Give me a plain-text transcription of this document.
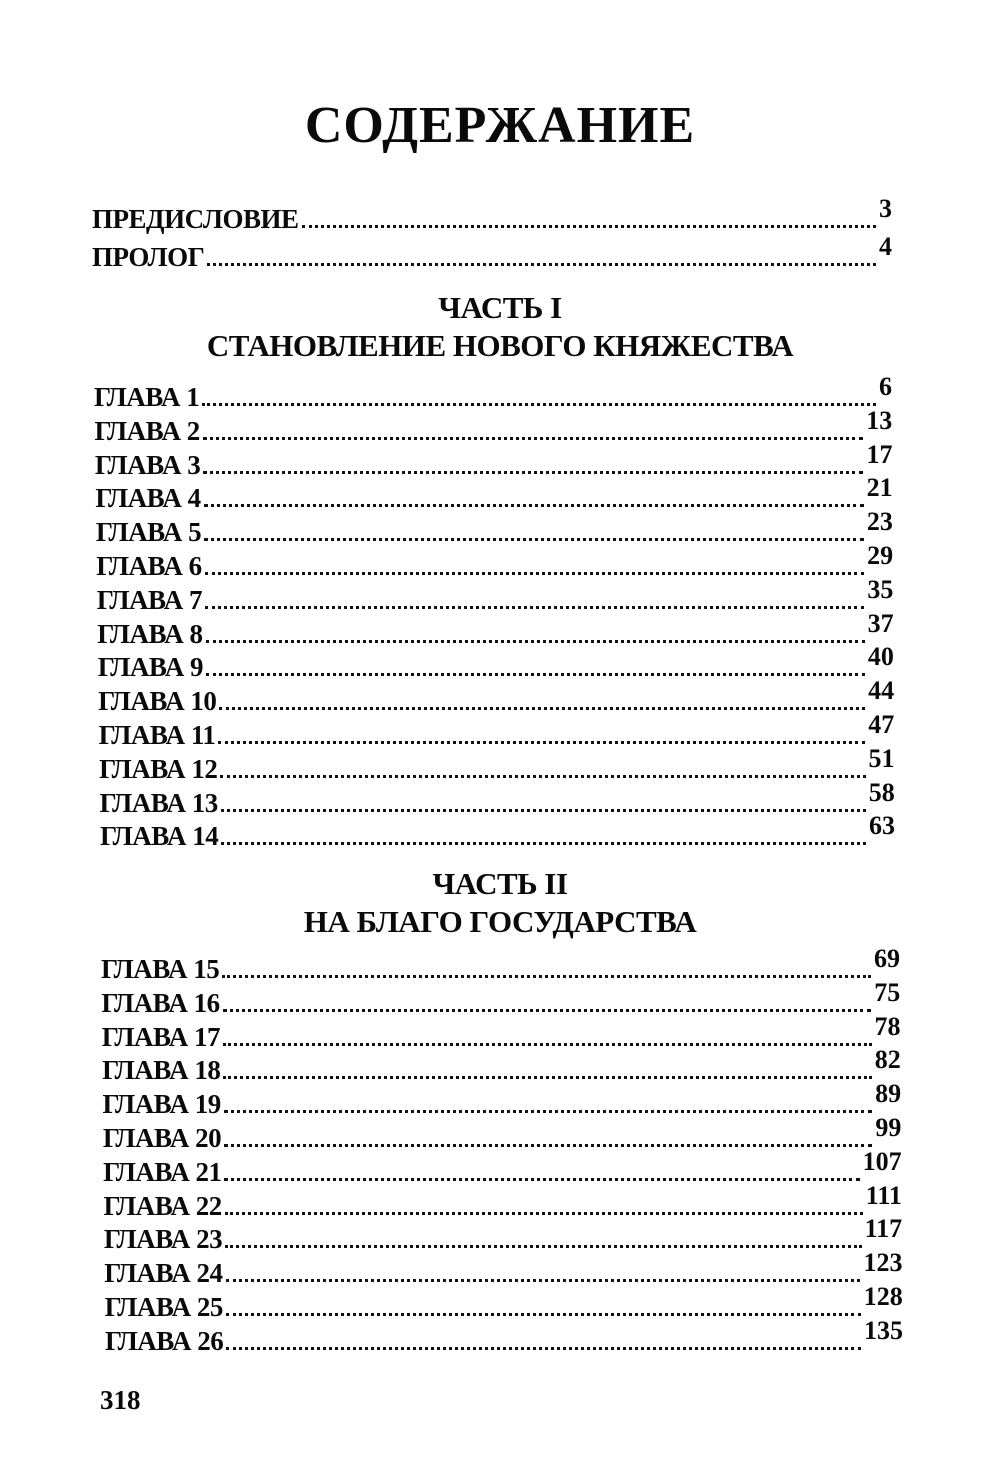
СОДЕРЖАНИЕ
ПРЕДИСЛОВИЕ	3
ПРОЛОГ	4
ЧАСТЬ I
СТАНОВЛЕНИЕ НОВОГО КНЯЖЕСТВА
ЧАСТЬ II
НА БЛАГО ГОСУДАРСТВА
ГЛАВА 1	6
ГЛАВА 2	13
ГЛАВА 3	17
ГЛАВА 4	21
ГЛАВА 5	23
ГЛАВА 6	29
ГЛАВА 7	35
ГЛАВА 8	37
ГЛАВА 9	40
ГЛАВА 10	44
ГЛАВА 11	47
ГЛАВА 12	51
ГЛАВА 13	58
ГЛАВА 14	63
ГЛАВА 15	69
ГЛАВА 16	75
ГЛАВА 17	78
ГЛАВА 18	82
ГЛАВА 19	89
ГЛАВА 20	99
ГЛАВА 21	107
ГЛАВА 22	111
ГЛАВА 23	117
ГЛАВА 24	123
ГЛАВА 25	128
ГЛАВА 26	135
318
